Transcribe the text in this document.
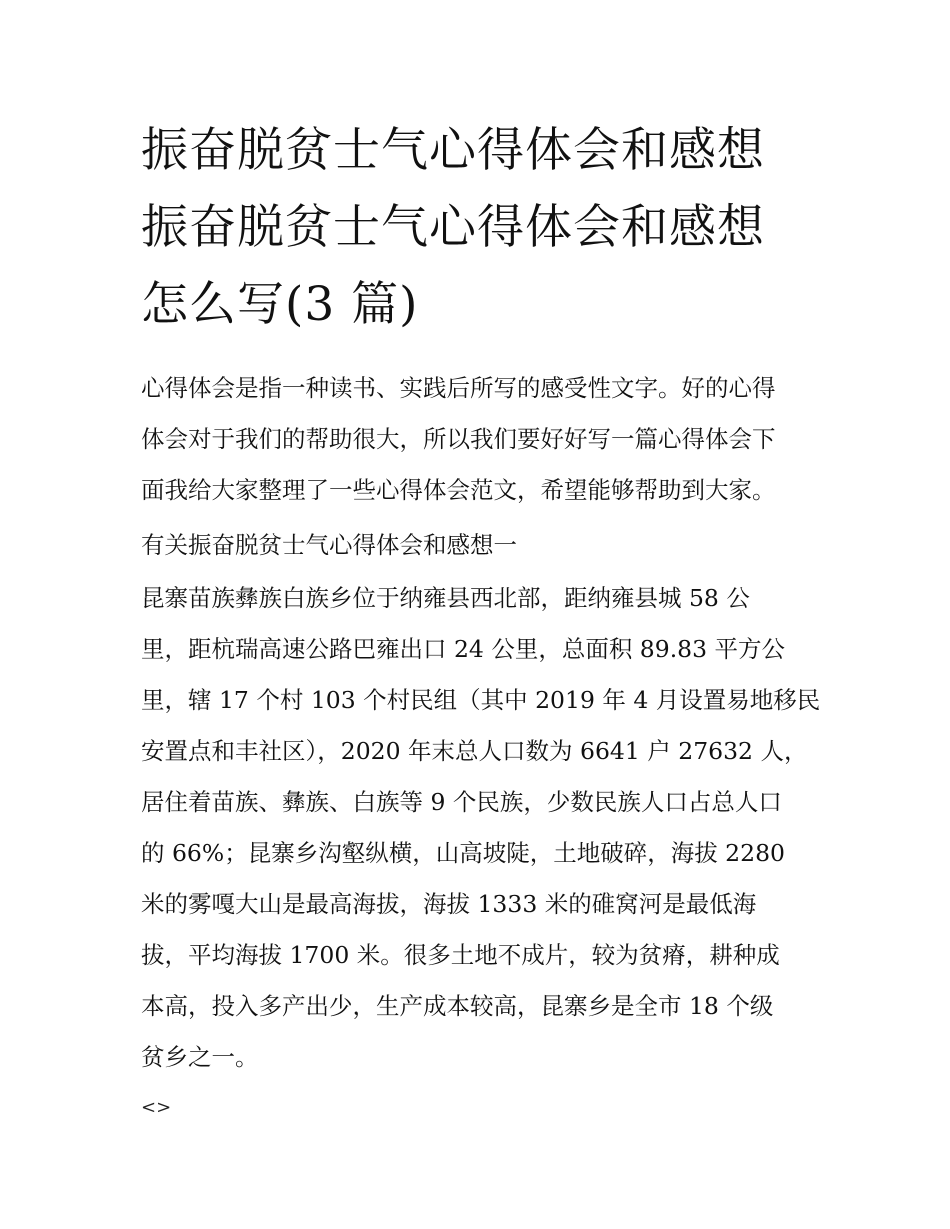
振奋脱贫士气心得体会和感想
振奋脱贫士气心得体会和感想
怎么写(3 篇)
心得体会是指一种读书、实践后所写的感受性文字。好的心得
体会对于我们的帮助很大，所以我们要好好写一篇心得体会下
面我给大家整理了一些心得体会范文，希望能够帮助到大家。
有关振奋脱贫士气心得体会和感想一
昆寨苗族彝族白族乡位于纳雍县西北部，距纳雍县城 58 公
里，距杭瑞高速公路巴雍出口 24 公里，总面积 89.83 平方公
里，辖 17 个村 103 个村民组（其中 2019 年 4 月设置易地移民
安置点和丰社区），2020 年末总人口数为 6641 户 27632 人，
居住着苗族、彝族、白族等 9 个民族，少数民族人口占总人口
的 66%；昆寨乡沟壑纵横，山高坡陡，土地破碎，海拔 2280
米的雾嘎大山是最高海拔，海拔 1333 米的碓窝河是最低海
拔，平均海拔 1700 米。很多土地不成片，较为贫瘠，耕种成
本高，投入多产出少，生产成本较高，昆寨乡是全市 18 个级
贫乡之一。
<>
